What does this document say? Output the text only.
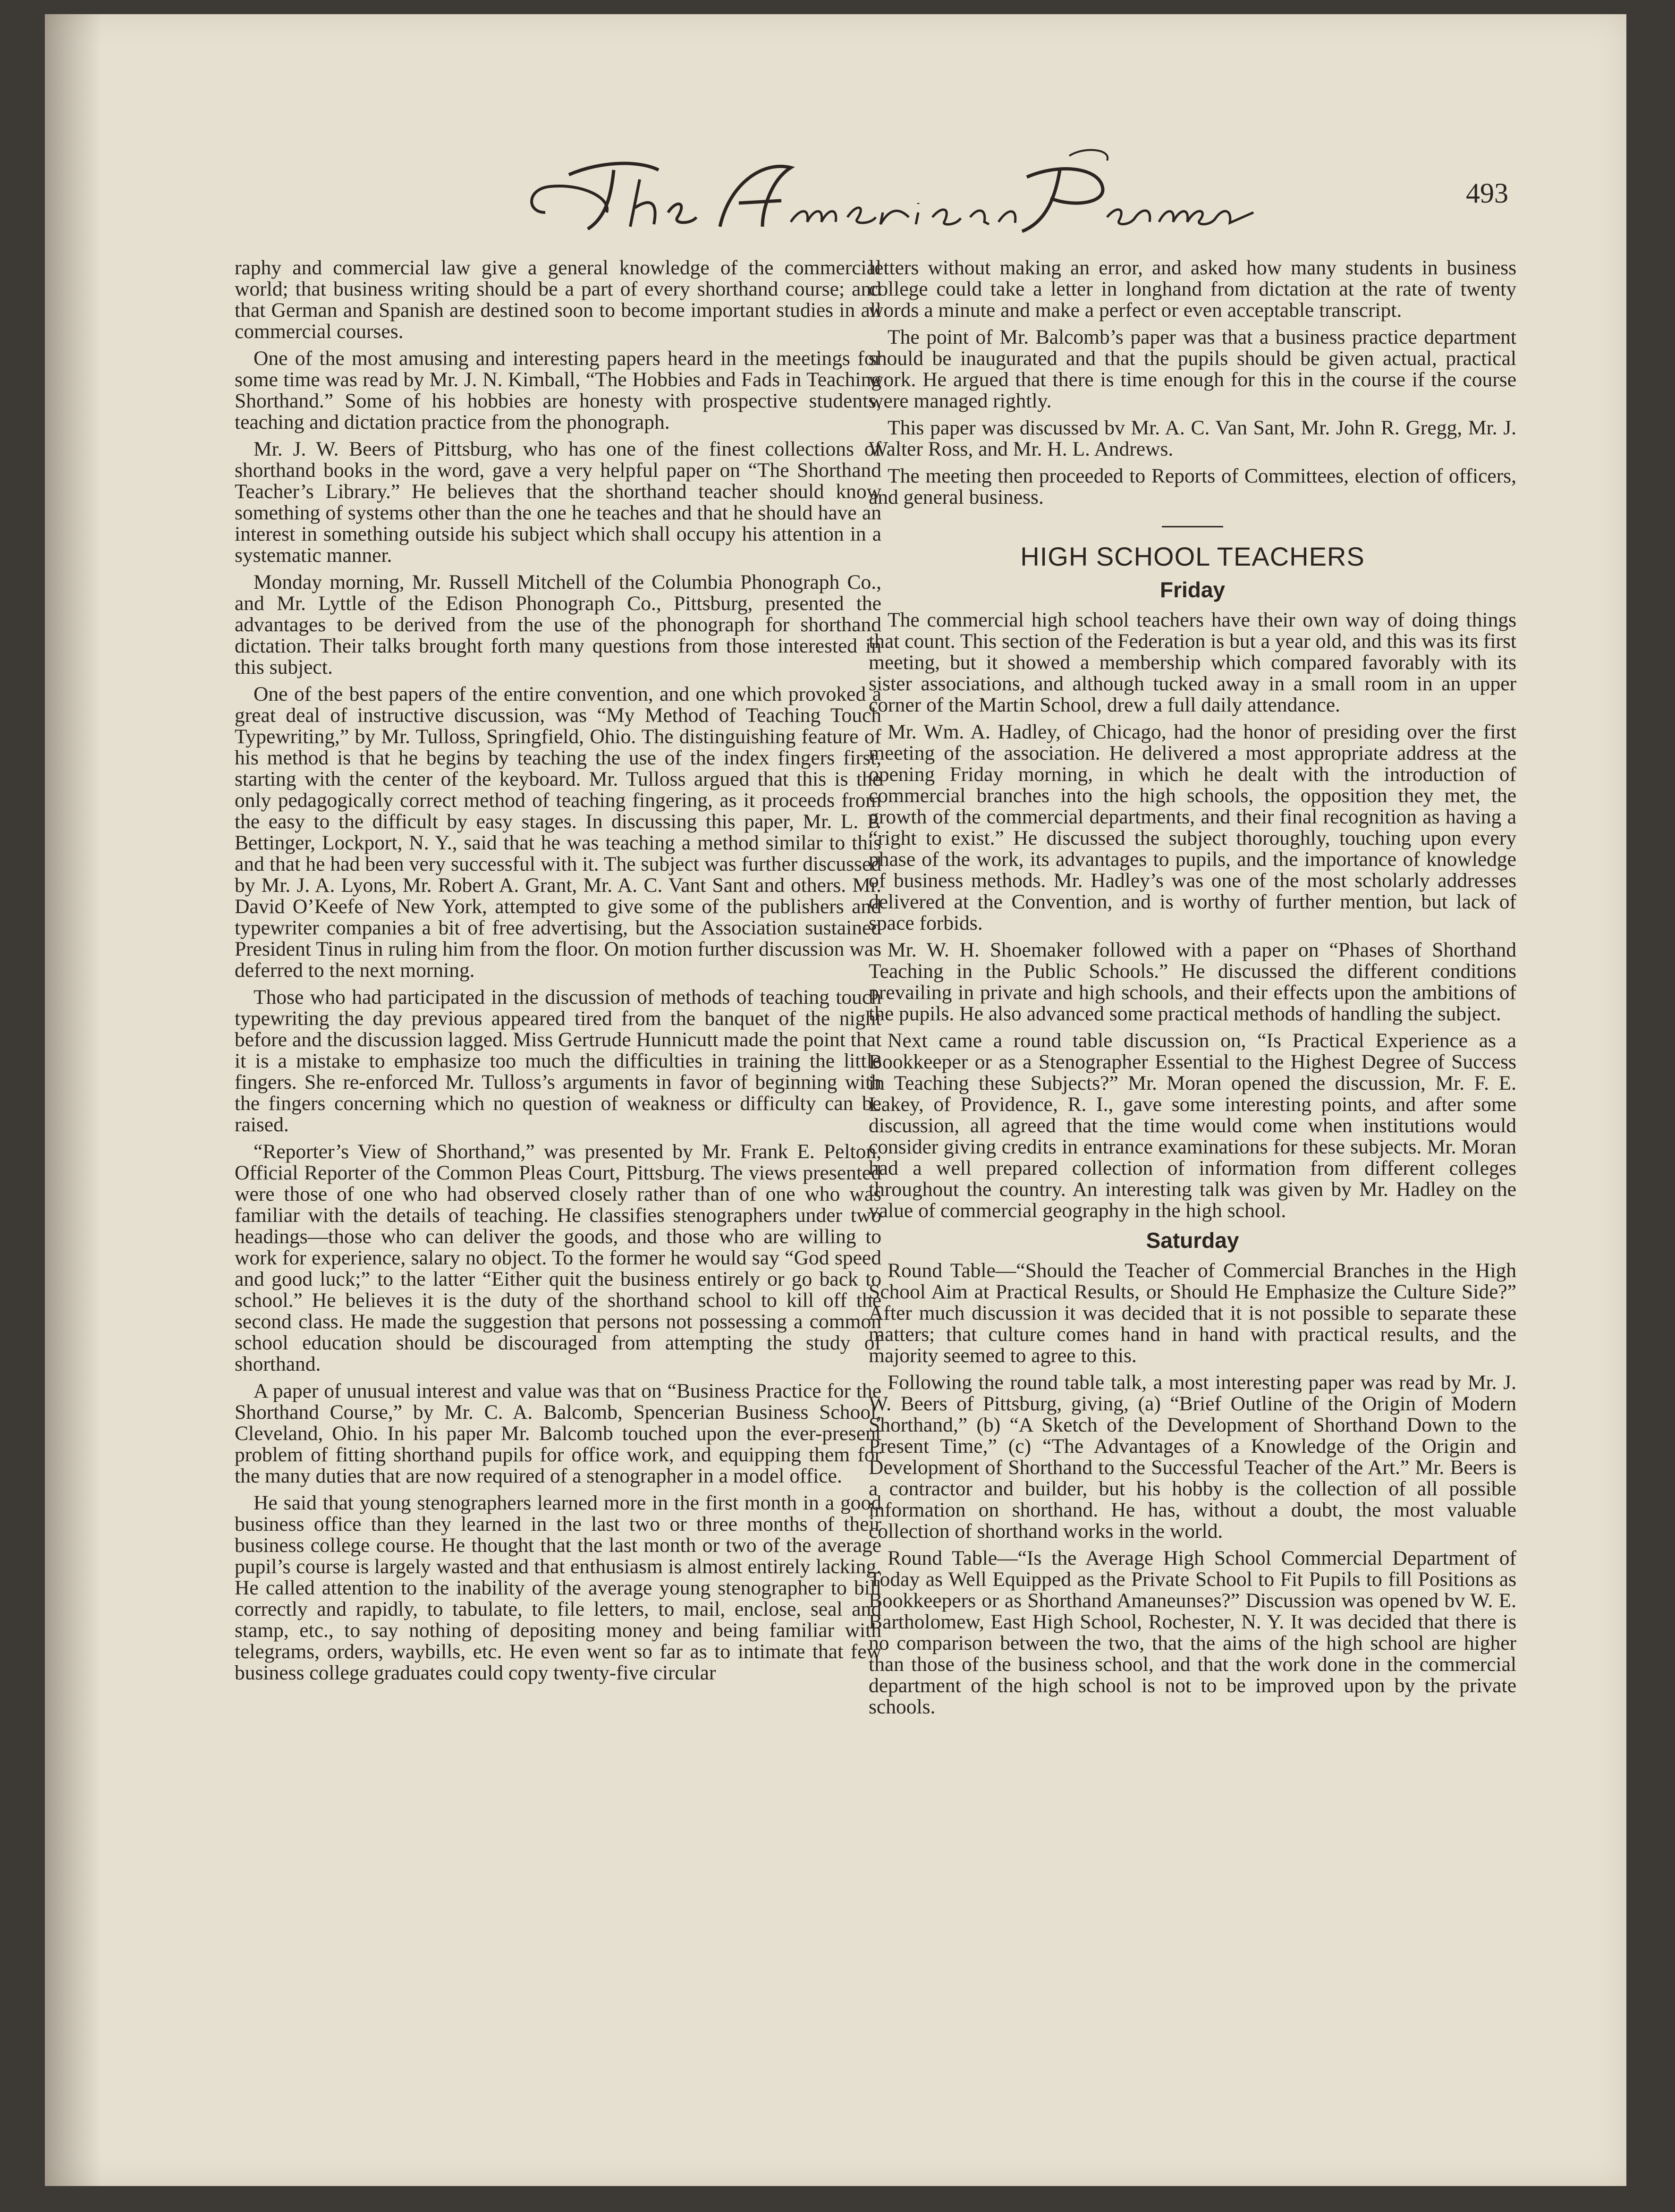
493

raphy and commercial law give a general knowledge of the commercial world; that business writing should be a part of every shorthand course; and that German and Spanish are destined soon to become important studies in all commercial courses.

One of the most amusing and interesting papers heard in the meetings for some time was read by Mr. J. N. Kimball, “The Hobbies and Fads in Teaching Shorthand.” Some of his hobbies are honesty with prospective students, teaching and dictation practice from the phonograph.

Mr. J. W. Beers of Pittsburg, who has one of the finest collections of shorthand books in the word, gave a very helpful paper on “The Shorthand Teacher’s Library.” He believes that the shorthand teacher should know something of systems other than the one he teaches and that he should have an interest in something outside his subject which shall occupy his attention in a systematic manner.

Monday morning, Mr. Russell Mitchell of the Columbia Phonograph Co., and Mr. Lyttle of the Edison Phonograph Co., Pittsburg, presented the advantages to be derived from the use of the phonograph for shorthand dictation. Their talks brought forth many questions from those interested in this subject.

One of the best papers of the entire convention, and one which provoked a great deal of instructive discussion, was “My Method of Teaching Touch Typewriting,” by Mr. Tulloss, Springfield, Ohio. The distinguishing feature of his method is that he begins by teaching the use of the index fingers first, starting with the center of the keyboard. Mr. Tulloss argued that this is the only pedagogically correct method of teaching fingering, as it proceeds from the easy to the difficult by easy stages. In discussing this paper, Mr. L. P. Bettinger, Lockport, N. Y., said that he was teaching a method similar to this and that he had been very successful with it. The subject was further discussed by Mr. J. A. Lyons, Mr. Robert A. Grant, Mr. A. C. Vant Sant and others. Mr. David O’Keefe of New York, attempted to give some of the publishers and typewriter companies a bit of free advertising, but the Association sustained President Tinus in ruling him from the floor. On motion further discussion was deferred to the next morning.

Those who had participated in the discussion of methods of teaching touch typewriting the day previous appeared tired from the banquet of the night before and the discussion lagged. Miss Gertrude Hunnicutt made the point that it is a mistake to emphasize too much the difficulties in training the little fingers. She re-enforced Mr. Tulloss’s arguments in favor of beginning with the fingers concerning which no question of weakness or difficulty can be raised.

“Reporter’s View of Shorthand,” was presented by Mr. Frank E. Pelton, Official Reporter of the Common Pleas Court, Pittsburg. The views presented were those of one who had observed closely rather than of one who was familiar with the details of teaching. He classifies stenographers under two headings—those who can deliver the goods, and those who are willing to work for experience, salary no object. To the former he would say “God speed and good luck;” to the latter “Either quit the business entirely or go back to school.” He believes it is the duty of the shorthand school to kill off the second class. He made the suggestion that persons not possessing a common school education should be discouraged from attempting the study of shorthand.

A paper of unusual interest and value was that on “Business Practice for the Shorthand Course,” by Mr. C. A. Balcomb, Spencerian Business School, Cleveland, Ohio. In his paper Mr. Balcomb touched upon the ever-present problem of fitting shorthand pupils for office work, and equipping them for the many duties that are now required of a stenographer in a model office.

He said that young stenographers learned more in the first month in a good business office than they learned in the last two or three months of their business college course. He thought that the last month or two of the average pupil’s course is largely wasted and that enthusiasm is almost entirely lacking. He called attention to the inability of the average young stenographer to bill correctly and rapidly, to tabulate, to file letters, to mail, enclose, seal and stamp, etc., to say nothing of depositing money and being familiar with telegrams, orders, waybills, etc. He even went so far as to intimate that few business college graduates could copy twenty-five circular

letters without making an error, and asked how many students in business college could take a letter in longhand from dictation at the rate of twenty words a minute and make a perfect or even acceptable transcript.

The point of Mr. Balcomb’s paper was that a business practice department should be inaugurated and that the pupils should be given actual, practical work. He argued that there is time enough for this in the course if the course were managed rightly.

This paper was discussed bv Mr. A. C. Van Sant, Mr. John R. Gregg, Mr. J. Walter Ross, and Mr. H. L. Andrews.

The meeting then proceeded to Reports of Committees, election of officers, and general business.

HIGH SCHOOL TEACHERS
Friday

The commercial high school teachers have their own way of doing things that count. This section of the Federation is but a year old, and this was its first meeting, but it showed a membership which compared favorably with its sister associations, and although tucked away in a small room in an upper corner of the Martin School, drew a full daily attendance.

Mr. Wm. A. Hadley, of Chicago, had the honor of presiding over the first meeting of the association. He delivered a most appropriate address at the opening Friday morning, in which he dealt with the introduction of commercial branches into the high schools, the opposition they met, the growth of the commercial departments, and their final recognition as having a “right to exist.” He discussed the subject thoroughly, touching upon every phase of the work, its advantages to pupils, and the importance of knowledge of business methods. Mr. Hadley’s was one of the most scholarly addresses delivered at the Convention, and is worthy of further mention, but lack of space forbids.

Mr. W. H. Shoemaker followed with a paper on “Phases of Shorthand Teaching in the Public Schools.” He discussed the different conditions prevailing in private and high schools, and their effects upon the ambitions of the pupils. He also advanced some practical methods of handling the subject.

Next came a round table discussion on, “Is Practical Experience as a Bookkeeper or as a Stenographer Essential to the Highest Degree of Success in Teaching these Subjects?” Mr. Moran opened the discussion, Mr. F. E. Lakey, of Providence, R. I., gave some interesting points, and after some discussion, all agreed that the time would come when institutions would consider giving credits in entrance examinations for these subjects. Mr. Moran had a well prepared collection of information from different colleges throughout the country. An interesting talk was given by Mr. Hadley on the value of commercial geography in the high school.

Saturday

Round Table—“Should the Teacher of Commercial Branches in the High School Aim at Practical Results, or Should He Emphasize the Culture Side?” After much discussion it was decided that it is not possible to separate these matters; that culture comes hand in hand with practical results, and the majority seemed to agree to this.

Following the round table talk, a most interesting paper was read by Mr. J. W. Beers of Pittsburg, giving, (a) “Brief Outline of the Origin of Modern Shorthand,” (b) “A Sketch of the Development of Shorthand Down to the Present Time,” (c) “The Advantages of a Knowledge of the Origin and Development of Shorthand to the Successful Teacher of the Art.” Mr. Beers is a contractor and builder, but his hobby is the collection of all possible information on shorthand. He has, without a doubt, the most valuable collection of shorthand works in the world.

Round Table—“Is the Average High School Commercial Department of Today as Well Equipped as the Private School to Fit Pupils to fill Positions as Bookkeepers or as Shorthand Amaneunses?” Discussion was opened bv W. E. Bartholomew, East High School, Rochester, N. Y. It was decided that there is no comparison between the two, that the aims of the high school are higher than those of the business school, and that the work done in the commercial department of the high school is not to be improved upon by the private schools.
